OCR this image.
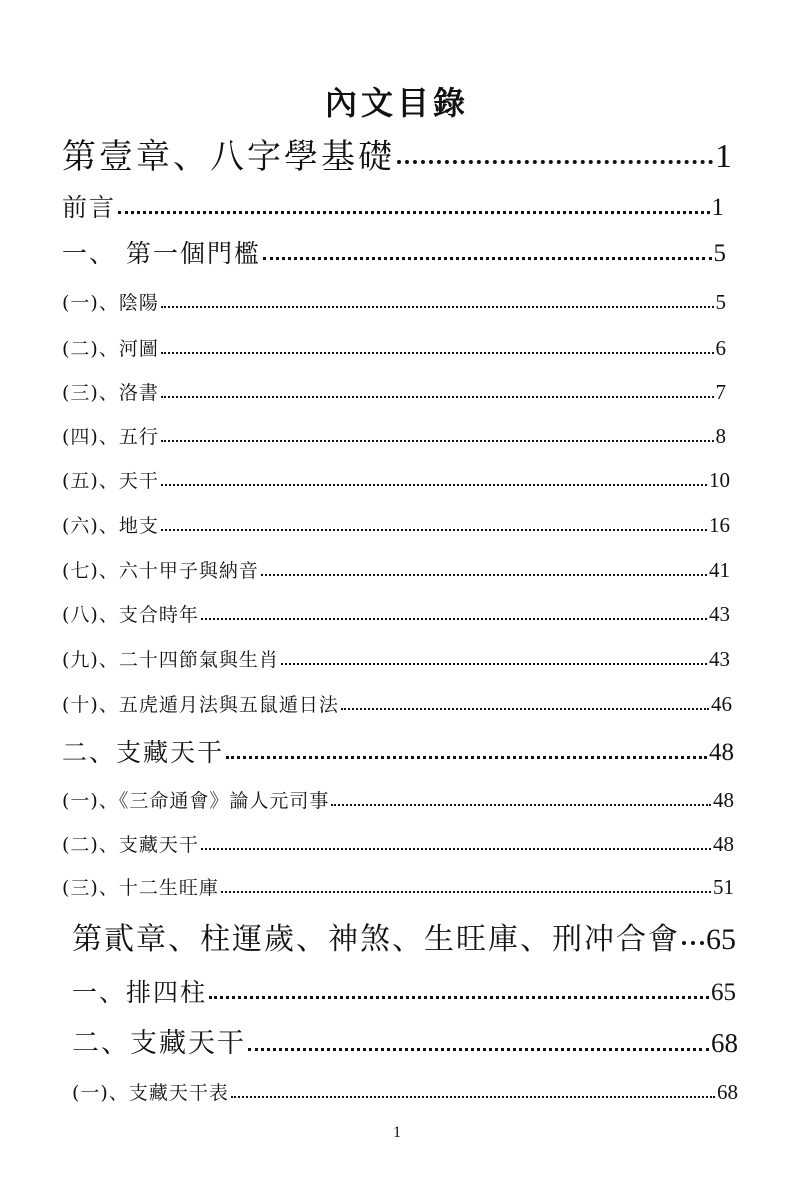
內文目錄
第壹章、八字學基礎	1
前言	1
一、 第一個門檻	5
(一)、陰陽	5
(二)、河圖	6
(三)、洛書	7
(四)、五行	8
(五)、天干	10
(六)、地支	16
(七)、六十甲子與納音	41
(八)、支合時年	43
(九)、二十四節氣與生肖	43
(十)、五虎遁月法與五鼠遁日法	46
二、支藏天干	48
(一)、《三命通會》論人元司事	48
(二)、支藏天干	48
(三)、十二生旺庫	51
第貳章、柱運歲、神煞、生旺庫、刑冲合會 65
一、排四柱	65
二、支藏天干	68
(一)、支藏天干表	68
1
